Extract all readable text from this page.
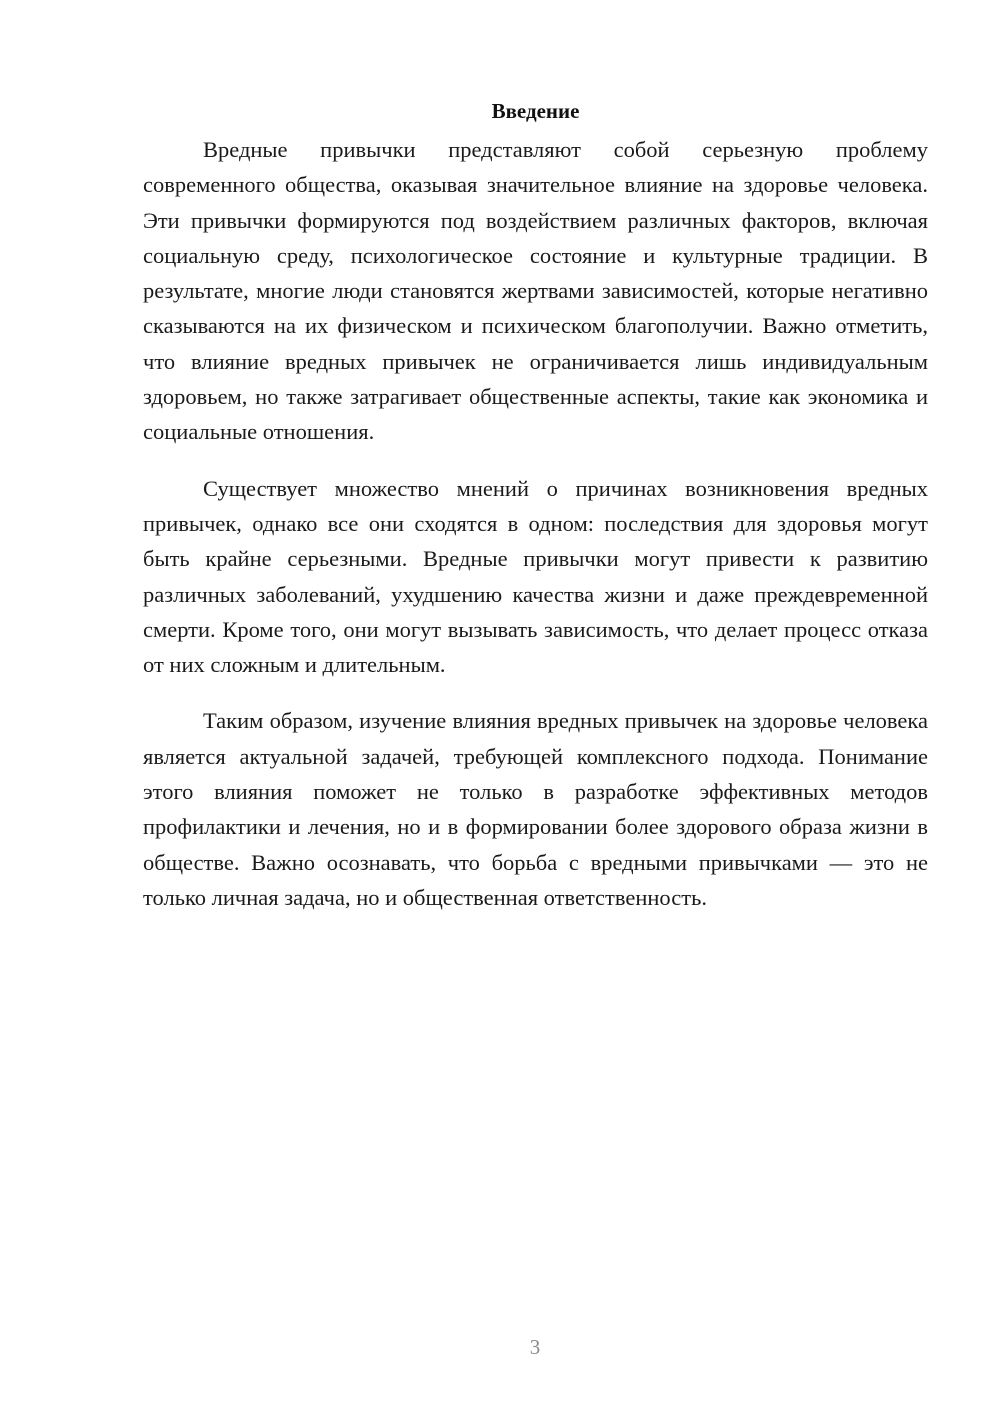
Введение

Вредные привычки представляют собой серьезную проблему современного общества, оказывая значительное влияние на здоровье человека. Эти привычки формируются под воздействием различных факторов, включая социальную среду, психологическое состояние и культурные традиции. В результате, многие люди становятся жертвами зависимостей, которые негативно сказываются на их физическом и психическом благополучии. Важно отметить, что влияние вредных привычек не ограничивается лишь индивидуальным здоровьем, но также затрагивает общественные аспекты, такие как экономика и социальные отношения.

Существует множество мнений о причинах возникновения вредных привычек, однако все они сходятся в одном: последствия для здоровья могут быть крайне серьезными. Вредные привычки могут привести к развитию различных заболеваний, ухудшению качества жизни и даже преждевременной смерти. Кроме того, они могут вызывать зависимость, что делает процесс отказа от них сложным и длительным.

Таким образом, изучение влияния вредных привычек на здоровье человека является актуальной задачей, требующей комплексного подхода. Понимание этого влияния поможет не только в разработке эффективных методов профилактики и лечения, но и в формировании более здорового образа жизни в обществе. Важно осознавать, что борьба с вредными привычками — это не только личная задача, но и общественная ответственность.

3
